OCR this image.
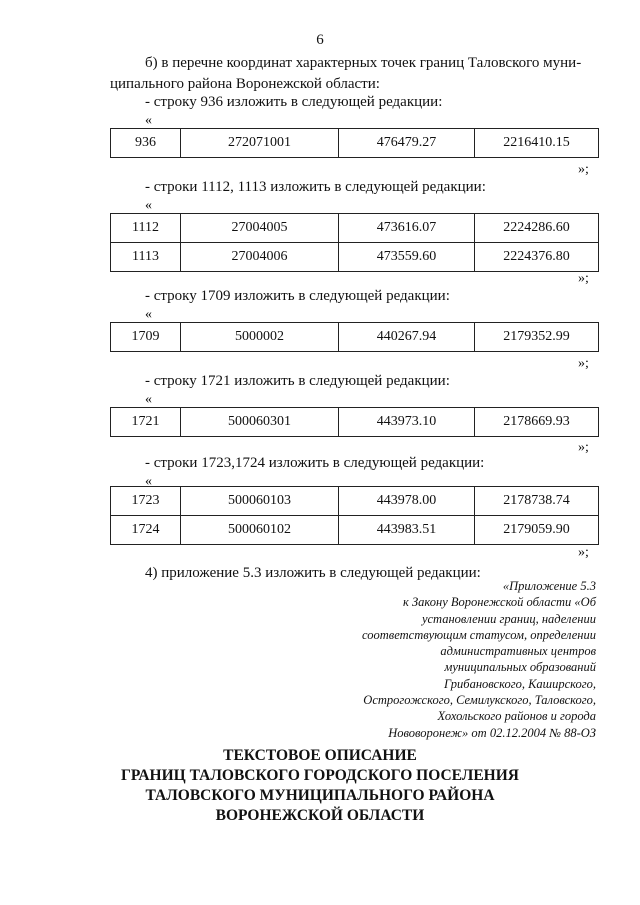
6
б) в перечне координат характерных точек границ Таловского муни-
ципального района Воронежской области:
- строку 936 изложить в следующей редакции:
«
936	272071001	476479.27	2216410.15
»;
- строки 1112, 1113 изложить в следующей редакции:
«
1112	27004005	473616.07	2224286.60
1113	27004006	473559.60	2224376.80
»;
- строку 1709 изложить в следующей редакции:
«
1709	5000002	440267.94	2179352.99
»;
- строку 1721 изложить в следующей редакции:
«
1721	500060301	443973.10	2178669.93
»;
- строки 1723,1724 изложить в следующей редакции:
«
1723	500060103	443978.00	2178738.74
1724	500060102	443983.51	2179059.90
»;
4) приложение 5.3 изложить в следующей редакции:
«Приложение 5.3
к Закону Воронежской области «Об
установлении границ, наделении
соответствующим статусом, определении
административных центров
муниципальных образований
Грибановского, Каширского,
Острогожского, Семилукского, Таловского,
Хохольского районов и города
Нововоронеж» от 02.12.2004 № 88-ОЗ
ТЕКСТОВОЕ ОПИСАНИЕ
ГРАНИЦ ТАЛОВСКОГО ГОРОДСКОГО ПОСЕЛЕНИЯ
ТАЛОВСКОГО МУНИЦИПАЛЬНОГО РАЙОНА
ВОРОНЕЖСКОЙ ОБЛАСТИ
